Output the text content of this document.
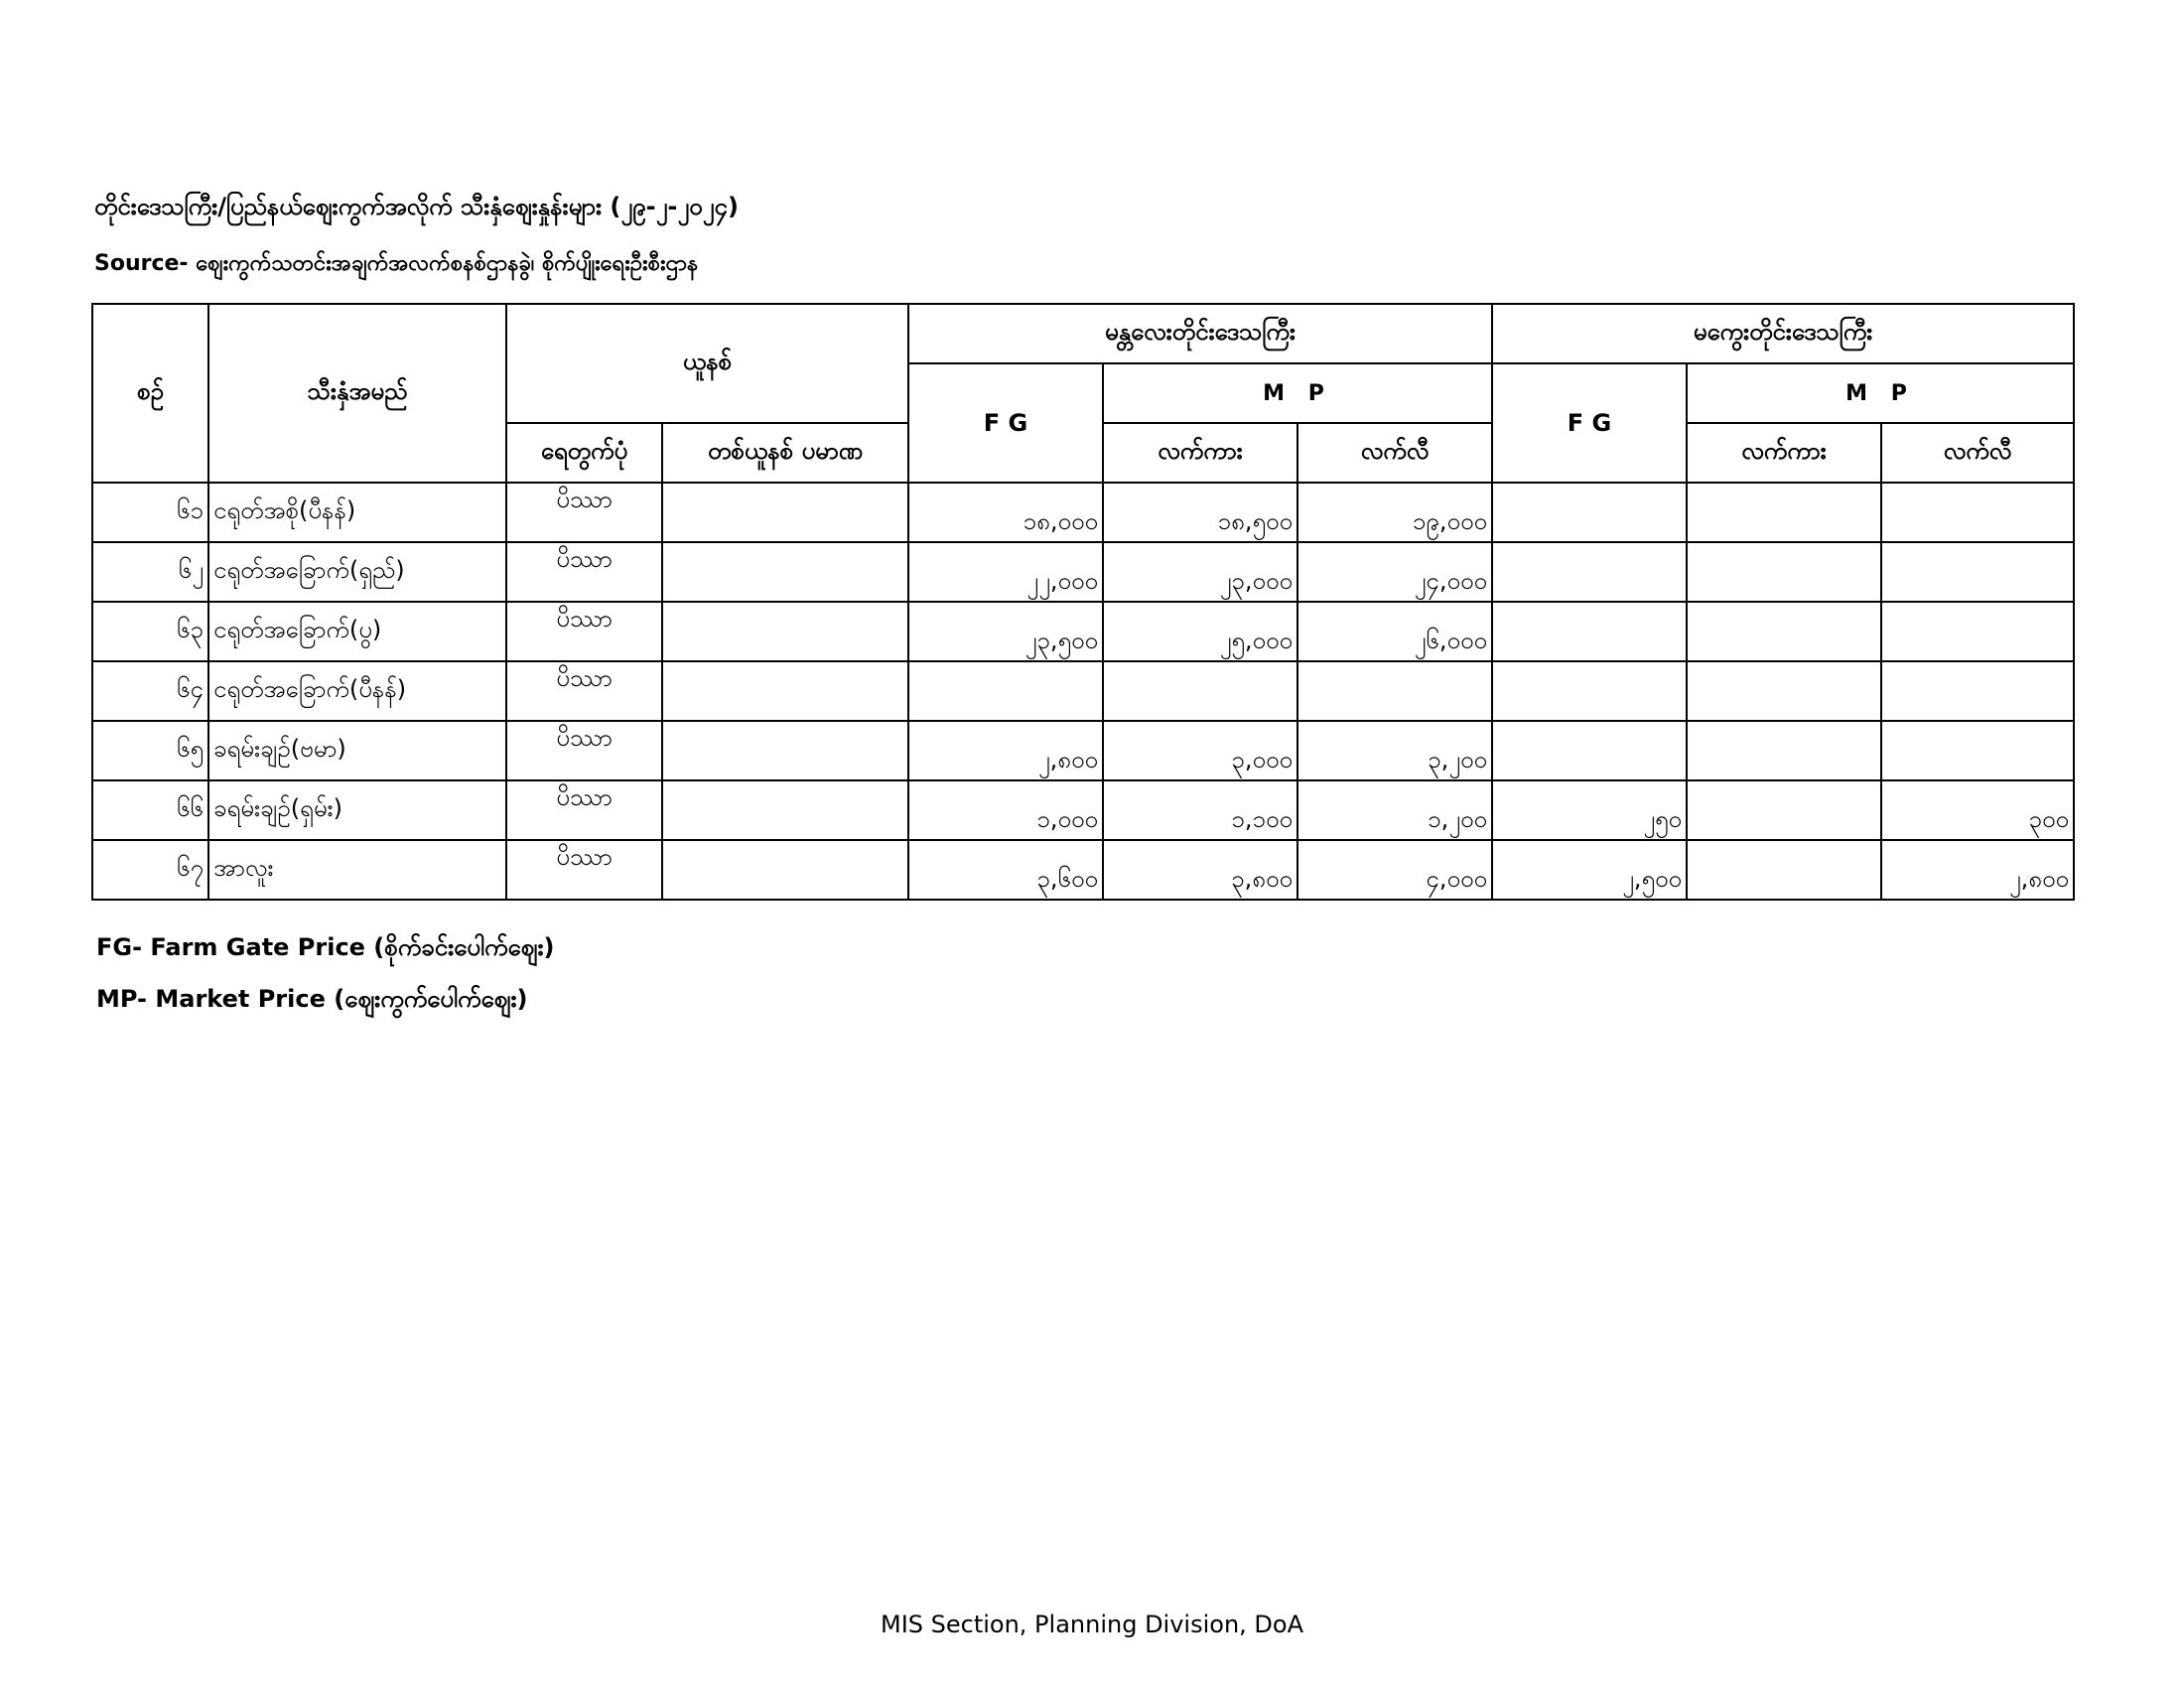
တိုင်းဒေသကြီး/ပြည်နယ်ဈေးကွက်အလိုက် သီးနှံဈေးနှုန်းများ (၂၉-၂-၂၀၂၄)
Source- ဈေးကွက်သတင်းအချက်အလက်စနစ်ဌာနခွဲ၊ စိုက်ပျိုးရေးဦးစီးဌာန
စဉ်	သီးနှံအမည်	ယူနစ်		မန္တလေးတိုင်းဒေသကြီး			မကွေးတိုင်းဒေသကြီး		
				F G	M P		F G	M P	
		ရေတွက်ပုံ	တစ်ယူနစ် ပမာဏ		လက်ကား	လက်လီ		လက်ကား	လက်လီ
၆၁	ငရုတ်အစို(ပီနန်)	ပိဿာ		၁၈,၀၀၀	၁၈,၅၀၀	၁၉,၀၀၀			
၆၂	ငရုတ်အခြောက်(ရှည်)	ပိဿာ		၂၂,၀၀၀	၂၃,၀၀၀	၂၄,၀၀၀			
၆၃	ငရုတ်အခြောက်(ပွ)	ပိဿာ		၂၃,၅၀၀	၂၅,၀၀၀	၂၆,၀၀၀			
၆၄	ငရုတ်အခြောက်(ပီနန်)	ပိဿာ							
၆၅	ခရမ်းချဉ်(ဗမာ)	ပိဿာ		၂,၈၀၀	၃,၀၀၀	၃,၂၀၀			
၆၆	ခရမ်းချဉ်(ရှမ်း)	ပိဿာ		၁,၀၀၀	၁,၁၀၀	၁,၂၀၀	၂၅၀		၃၀၀
၆၇	အာလူး	ပိဿာ		၃,၆၀၀	၃,၈၀၀	၄,၀၀၀	၂,၅၀၀		၂,၈၀၀
FG- Farm Gate Price (စိုက်ခင်းပေါက်ဈေး)
MP- Market Price (ဈေးကွက်ပေါက်ဈေး)
MIS Section, Planning Division, DoA
